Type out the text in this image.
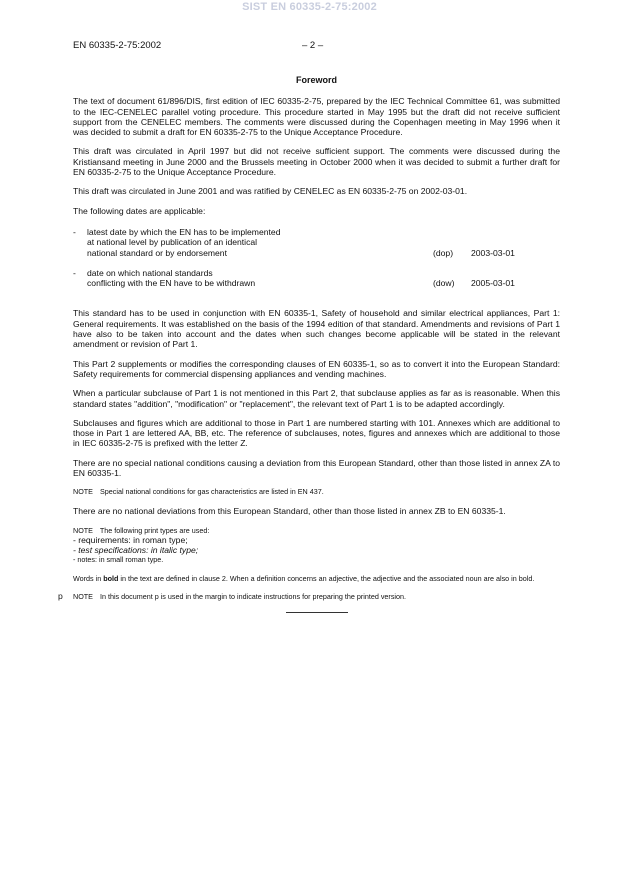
SIST EN 60335-2-75:2002
EN 60335-2-75:2002	– 2 –
Foreword

The text of document 61/896/DIS, first edition of IEC 60335-2-75, prepared by the IEC Technical Committee 61, was submitted to the IEC-CENELEC parallel voting procedure. This procedure started in May 1995 but the draft did not receive sufficient support from the CENELEC members. The comments were discussed during the Copenhagen meeting in May 1996 when it was decided to submit a draft for EN 60335-2-75 to the Unique Acceptance Procedure.

This draft was circulated in April 1997 but did not receive sufficient support. The comments were discussed during the Kristiansand meeting in June 2000 and the Brussels meeting in October 2000 when it was decided to submit a further draft for EN 60335-2-75 to the Unique Acceptance Procedure.

This draft was circulated in June 2001 and was ratified by CENELEC as EN 60335-2-75 on 2002-03-01.

The following dates are applicable:

- latest date by which the EN has to be implemented
at national level by publication of an identical
national standard or by endorsement	(dop) 2003-03-01
- date on which national standards
conflicting with the EN have to be withdrawn	(dow) 2005-03-01

This standard has to be used in conjunction with EN 60335-1, Safety of household and similar electrical appliances, Part 1: General requirements. It was established on the basis of the 1994 edition of that standard. Amendments and revisions of Part 1 have also to be taken into account and the dates when such changes become applicable will be stated in the relevant amendment or revision of Part 1.

This Part 2 supplements or modifies the corresponding clauses of EN 60335-1, so as to convert it into the European Standard: Safety requirements for commercial dispensing appliances and vending machines.

When a particular subclause of Part 1 is not mentioned in this Part 2, that subclause applies as far as is reasonable. When this standard states "addition", "modification" or "replacement", the relevant text of Part 1 is to be adapted accordingly.

Subclauses and figures which are additional to those in Part 1 are numbered starting with 101. Annexes which are additional to those in Part 1 are lettered AA, BB, etc. The reference of subclauses, notes, figures and annexes which are additional to those in IEC 60335-2-75 is prefixed with the letter Z.

There are no special national conditions causing a deviation from this European Standard, other than those listed in annex ZA to EN 60335-1.

NOTE Special national conditions for gas characteristics are listed in EN 437.

There are no national deviations from this European Standard, other than those listed in annex ZB to EN 60335-1.

NOTE The following print types are used:
- requirements: in roman type;
- test specifications: in italic type;
- notes: in small roman type.

Words in bold in the text are defined in clause 2. When a definition concerns an adjective, the adjective and the associated noun are also in bold.

NOTE In this document p is used in the margin to indicate instructions for preparing the printed version.
p
